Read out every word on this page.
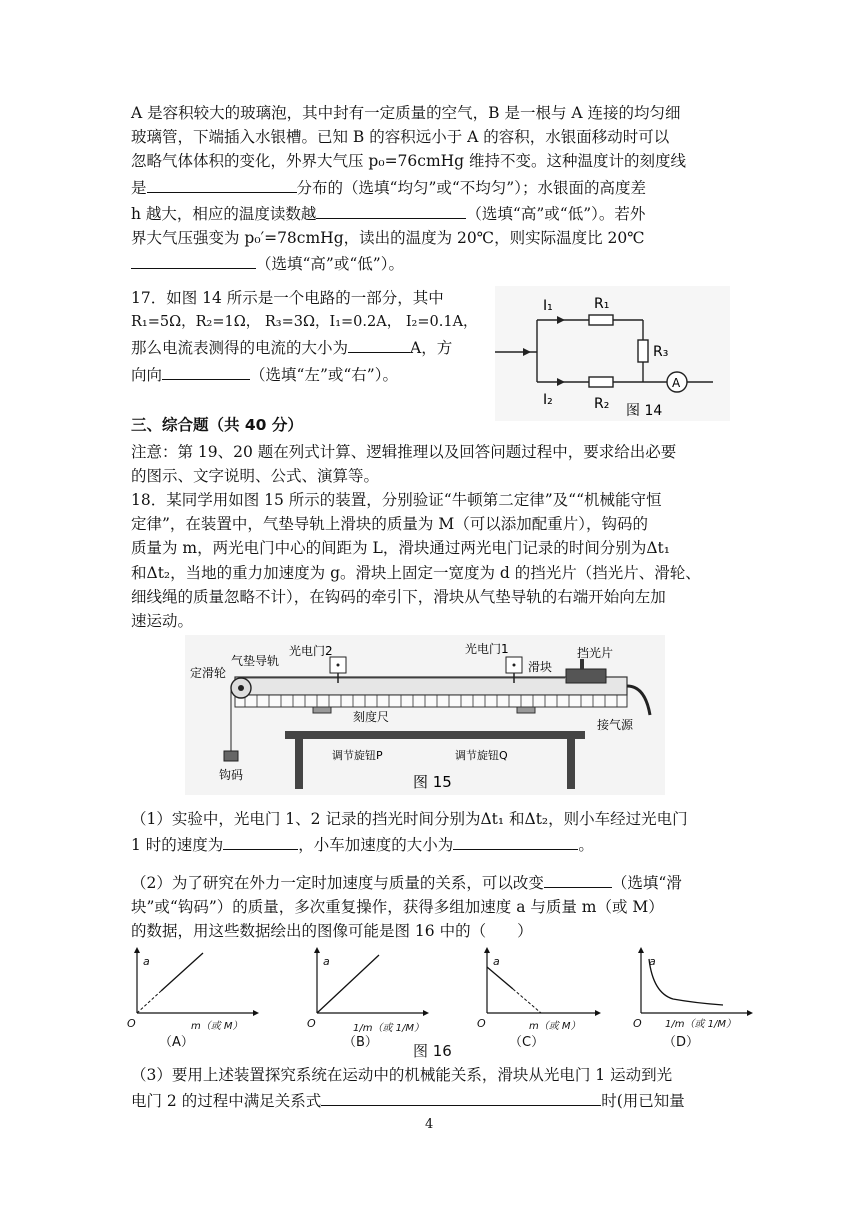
A 是容积较大的玻璃泡，其中封有一定质量的空气，B 是一根与 A 连接的均匀细
玻璃管，下端插入水银槽。已知 B 的容积远小于 A 的容积，水银面移动时可以
忽略气体体积的变化，外界大气压 p₀=76cmHg 维持不变。这种温度计的刻度线
是	分布的（选填“均匀”或“不均匀”）；水银面的高度差
h 越大，相应的温度读数越	（选填“高”或“低”）。若外
界大气压强变为 p₀′=78cmHg，读出的温度为 20℃，则实际温度比 20℃
（选填“高”或“低”）。
17．如图 14 所示是一个电路的一部分，其中
R₁=5Ω，R₂=1Ω， R₃=3Ω，I₁=0.2A， I₂=0.1A，
那么电流表测得的电流的大小为	A，方
向向	（选填“左”或“右”）。
I₁
I₂
R₁
R₂
R₃
A
图 14
三、综合题（共 40 分）
注意：第 19、20 题在列式计算、逻辑推理以及回答问题过程中，要求给出必要
的图示、文字说明、公式、演算等。
18．某同学用如图 15 所示的装置，分别验证“牛顿第二定律”及““机械能守恒
定律”，在装置中，气垫导轨上滑块的质量为 M（可以添加配重片），钩码的
质量为 m，两光电门中心的间距为 L，滑块通过两光电门记录的时间分别为Δt₁
和Δt₂，当地的重力加速度为 g。滑块上固定一宽度为 d 的挡光片（挡光片、滑轮、
细线绳的质量忽略不计），在钩码的牵引下，滑块从气垫导轨的右端开始向左加
速运动。
定滑轮
气垫导轨
光电门2	光电门1	挡光片
滑块
刻度尺
接气源
钩码
调节旋钮P	调节旋钮Q
图 15
（1）实验中，光电门 1、2 记录的挡光时间分别为Δt₁ 和Δt₂，则小车经过光电门
1 时的速度为	，小车加速度的大小为	。
（2）为了研究在外力一定时加速度与质量的关系，可以改变	（选填“滑
块”或“钩码”）的质量，多次重复操作，获得多组加速度 a 与质量 m（或 M）
的数据，用这些数据绘出的图像可能是图 16 中的（　　）
a
O	m（或 M）
（A）
a
O	1/m（或 1/M）
（B）
a
O	m（或 M）
（C）
a
O 1/m（或 1/M）
（D）
图 16
（3）要用上述装置探究系统在运动中的机械能关系，滑块从光电门 1 运动到光
电门 2 的过程中满足关系式	时(用已知量
4
